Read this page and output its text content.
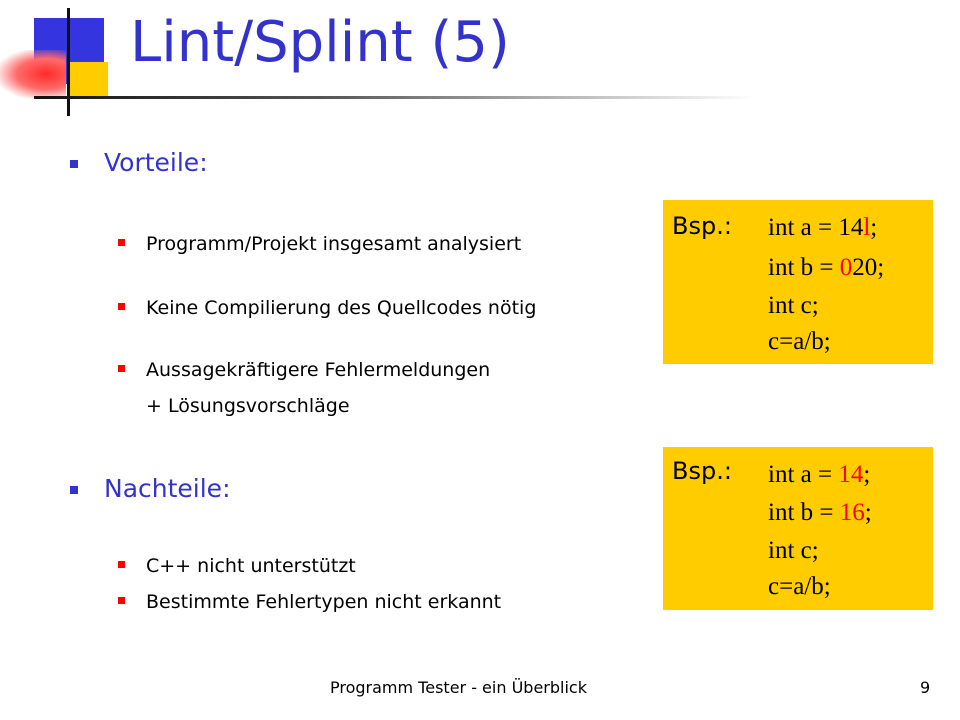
Lint/Splint (5)
Vorteile:
Programm/Projekt insgesamt analysiert
Keine Compilierung des Quellcodes nötig
Aussagekräftigere Fehlermeldungen
+ Lösungsvorschläge
Nachteile:
C++ nicht unterstützt
Bestimmte Fehlertypen nicht erkannt
Bsp.: int a = 14l;
int b = 020;
int c;
c=a/b;
Bsp.: int a = 14;
int b = 16;
int c;
c=a/b;
Programm Tester - ein Überblick	9
